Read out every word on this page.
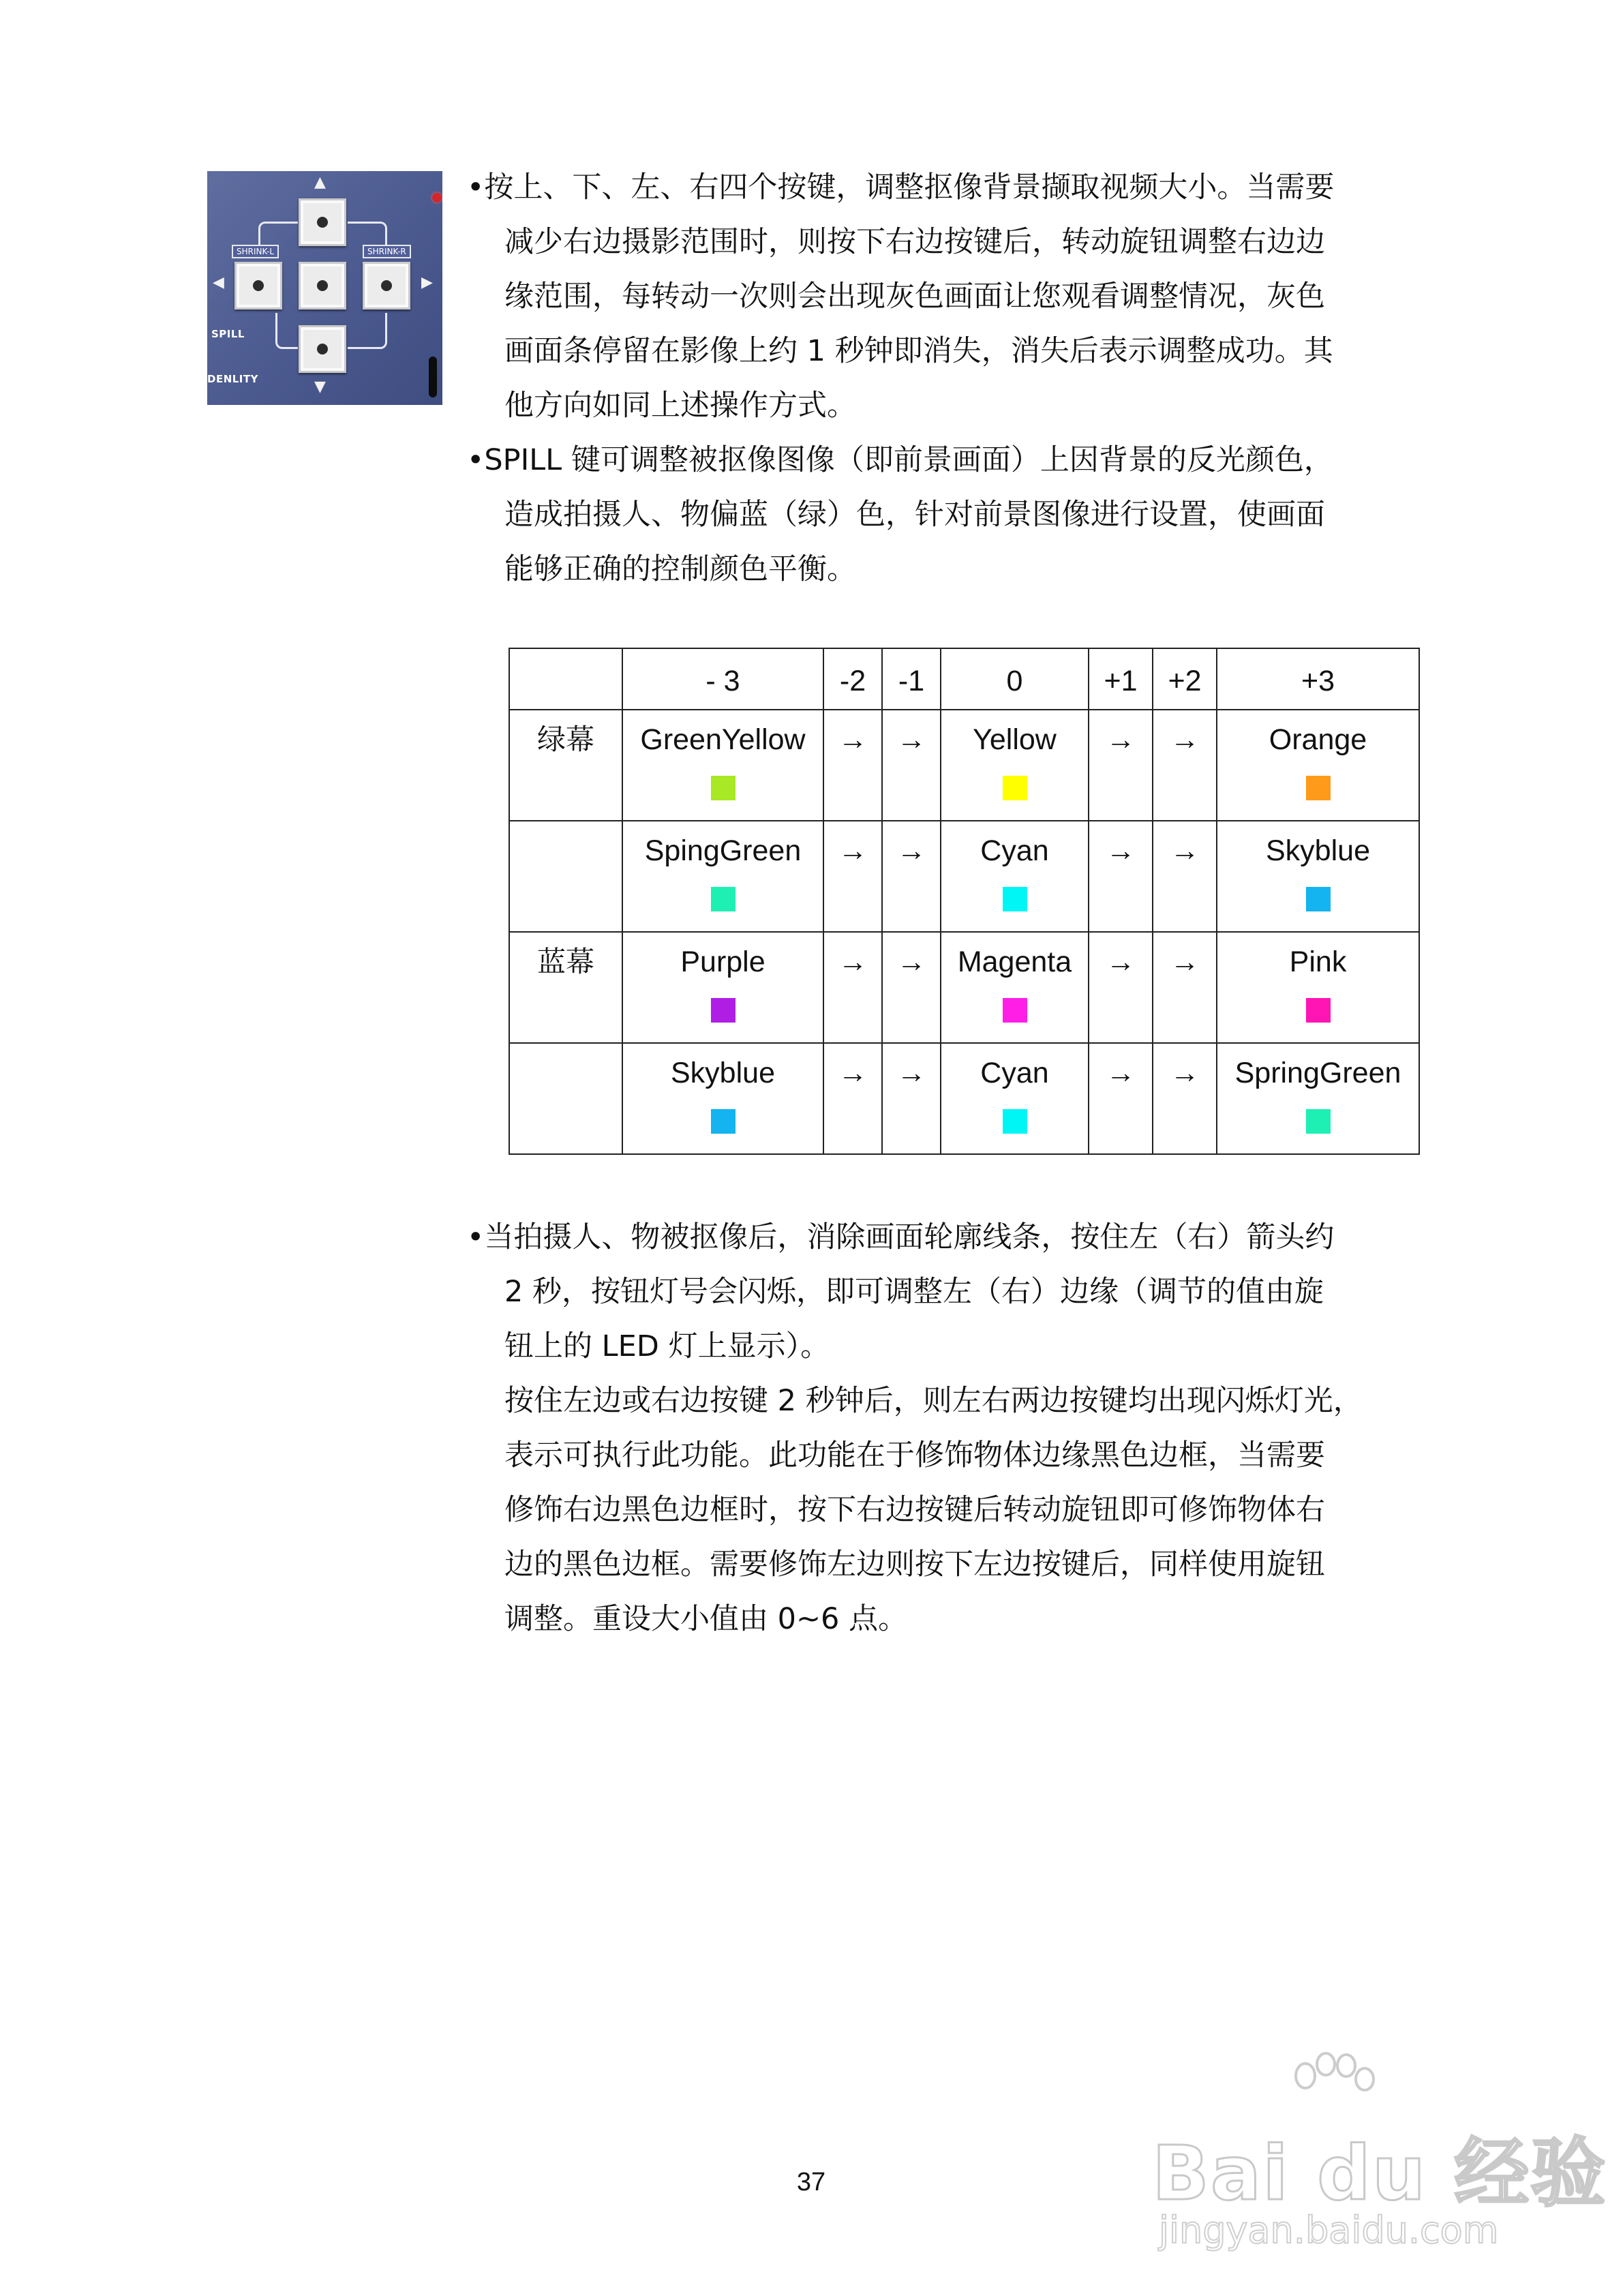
▲
▼
◀	▶
SHRINK-L	SHRINK-R
SPILL
DENLITY

•按上、下、左、右四个按键，调整抠像背景撷取视频大小。当需要
减少右边摄影范围时，则按下右边按键后，转动旋钮调整右边边
缘范围，每转动一次则会出现灰色画面让您观看调整情况，灰色
画面条停留在影像上约 1 秒钟即消失，消失后表示调整成功。其
他方向如同上述操作方式。

•SPILL 键可调整被抠像图像（即前景画面）上因背景的反光颜色，
造成拍摄人、物偏蓝（绿）色，针对前景图像进行设置，使画面
能够正确的控制颜色平衡。

	- 3	-2	-1	0	+1	+2	+3

绿幕	GreenYellow	→	→	Yellow	→	→	Orange

	SpingGreen	→	→	Cyan	→	→	Skyblue

蓝幕	Purple	→	→	Magenta	→	→	Pink

	Skyblue	→	→	Cyan	→	→	SpringGreen

•当拍摄人、物被抠像后，消除画面轮廓线条，按住左（右）箭头约
2 秒，按钮灯号会闪烁，即可调整左（右）边缘（调节的值由旋
钮上的 LED 灯上显示）。

按住左边或右边按键 2 秒钟后，则左右两边按键均出现闪烁灯光，
表示可执行此功能。此功能在于修饰物体边缘黑色边框，当需要
修饰右边黑色边框时，按下右边按键后转动旋钮即可修饰物体右
边的黑色边框。需要修饰左边则按下左边按键后，同样使用旋钮
调整。重设大小值由 0~6 点。

37	Bai du 经验
jingyan.baidu.com
